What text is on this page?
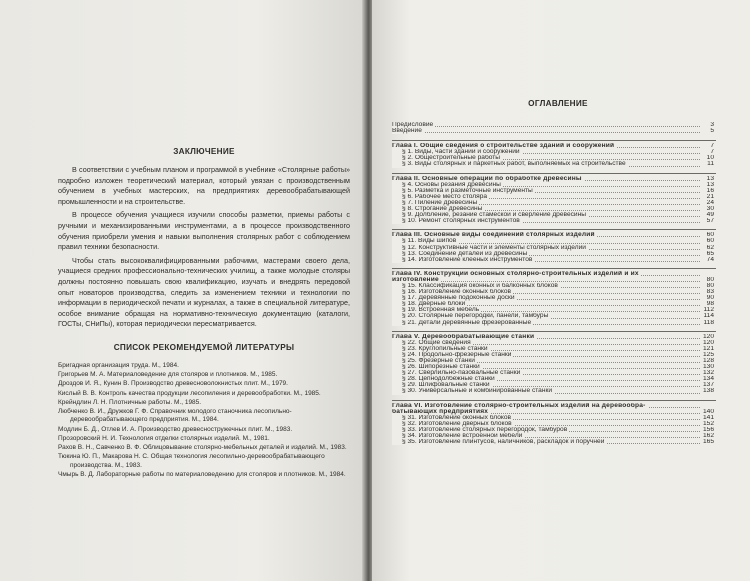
ЗАКЛЮЧЕНИЕ

В соответствии с учебным планом и программой в учебнике «Столярные работы» подробно изложен теоретический материал, который увязан с производственным обучением в учебных мастерских, на предприятиях деревообрабатывающей промышленности и на строительстве.

В процессе обучения учащиеся изучили способы разметки, приемы работы с ручными и механизированными инструментами, а в процессе производственного обучения приобрели умения и навыки выполнения столярных работ с соблюдением правил техники безопасности.

Чтобы стать высококвалифицированными рабочими, мастерами своего дела, учащиеся средних профессионально-технических училищ, а также молодые столяры должны постоянно повышать свою квалификацию, изучать и внедрять передовой опыт новаторов производства, следить за изменением техники и технологии по информации в периодической печати и журналах, а также в специальной литературе, особое внимание обращая на нормативно-техническую документацию (каталоги, ГОСТы, СНиПы), которая периодически пересматривается.

СПИСОК РЕКОМЕНДУЕМОЙ ЛИТЕРАТУРЫ
Бригадная организация труда. М., 1984.
Григорьев М. А. Материаловедение для столяров и плотников. М., 1985.
Дроздов И. Я., Кунин В. Производство древесноволокнистых плит. М., 1979.
Кислый В. В. Контроль качества продукции лесопиления и деревообработки. М., 1985.
Крейндлин Л. Н. Плотничные работы. М., 1985.
Любченко В. И., Дружков Г. Ф. Справочник молодого станочника лесопильно-деревообрабатывающего предприятия. М., 1984.
Модлин Б. Д., Отлев И. А. Производство древесностружечных плит. М., 1983.
Прозоровский Н. И. Технология отделки столярных изделий. М., 1981.
Рахов В. Н., Савченко В. Ф. Облицовывание столярно-мебельных деталей и изделий. М., 1983.
Тюкина Ю. П., Макарова Н. С. Общая технология лесопильно-деревообрабатывающего производства. М., 1983.
Чмырь В. Д. Лабораторные работы по материаловедению для столяров и плотников. М., 1984.
ОГЛАВЛЕНИЕ
Предисловие	3
Введение	5
Глава I. Общие сведения о строительстве зданий и сооружений	7
§ 1. Виды, части зданий и сооружений	7
§ 2. Общестроительные работы	10
§ 3. Виды столярных и паркетных работ, выполняемых на строительстве	11
Глава II. Основные операции по обработке древесины	13
§ 4. Основы резания древесины	13
§ 5. Разметка и разметочные инструменты	16
§ 6. Рабочее место столяра	21
§ 7. Пиление древесины	24
§ 8. Строгание древесины	30
§ 9. Долбление, резание стамеской и сверление древесины	49
§ 10. Ремонт столярных инструментов	57
Глава III. Основные виды соединений столярных изделий	60
§ 11. Виды шипов	60
§ 12. Конструктивные части и элементы столярных изделий	62
§ 13. Соединение деталей из древесины	65
§ 14. Изготовление клееных инструментов	74
Глава IV. Конструкции основных столярно-строительных изделий и их
изготовление	80
§ 15. Классификация оконных и балконных блоков	80
§ 16. Изготовление оконных блоков	83
§ 17. Деревянные подоконные доски	90
§ 18. Дверные блоки	98
§ 19. Встроенная мебель	112
§ 20. Столярные перегородки, панели, тамбуры	114
§ 21. Детали деревянные фрезерованные	118
Глава V. Деревообрабатывающие станки	120
§ 22. Общие сведения	120
§ 23. Круглопильные станки	121
§ 24. Продольно-фрезерные станки	125
§ 25. Фрезерные станки	128
§ 26. Шипорезные станки	130
§ 27. Сверлильно-пазовальные станки	132
§ 28. Цепнодолбежные станки	134
§ 29. Шлифовальные станки	137
§ 30. Универсальные и комбинированные станки	138
Глава VI. Изготовление столярно-строительных изделий на деревообра-
батывающих предприятиях	140
§ 31. Изготовление оконных блоков	141
§ 32. Изготовление дверных блоков	152
§ 33. Изготовление столярных перегородок, тамбуров	156
§ 34. Изготовление встроенной мебели	162
§ 35. Изготовление плинтусов, наличников, раскладок и поручней	165
